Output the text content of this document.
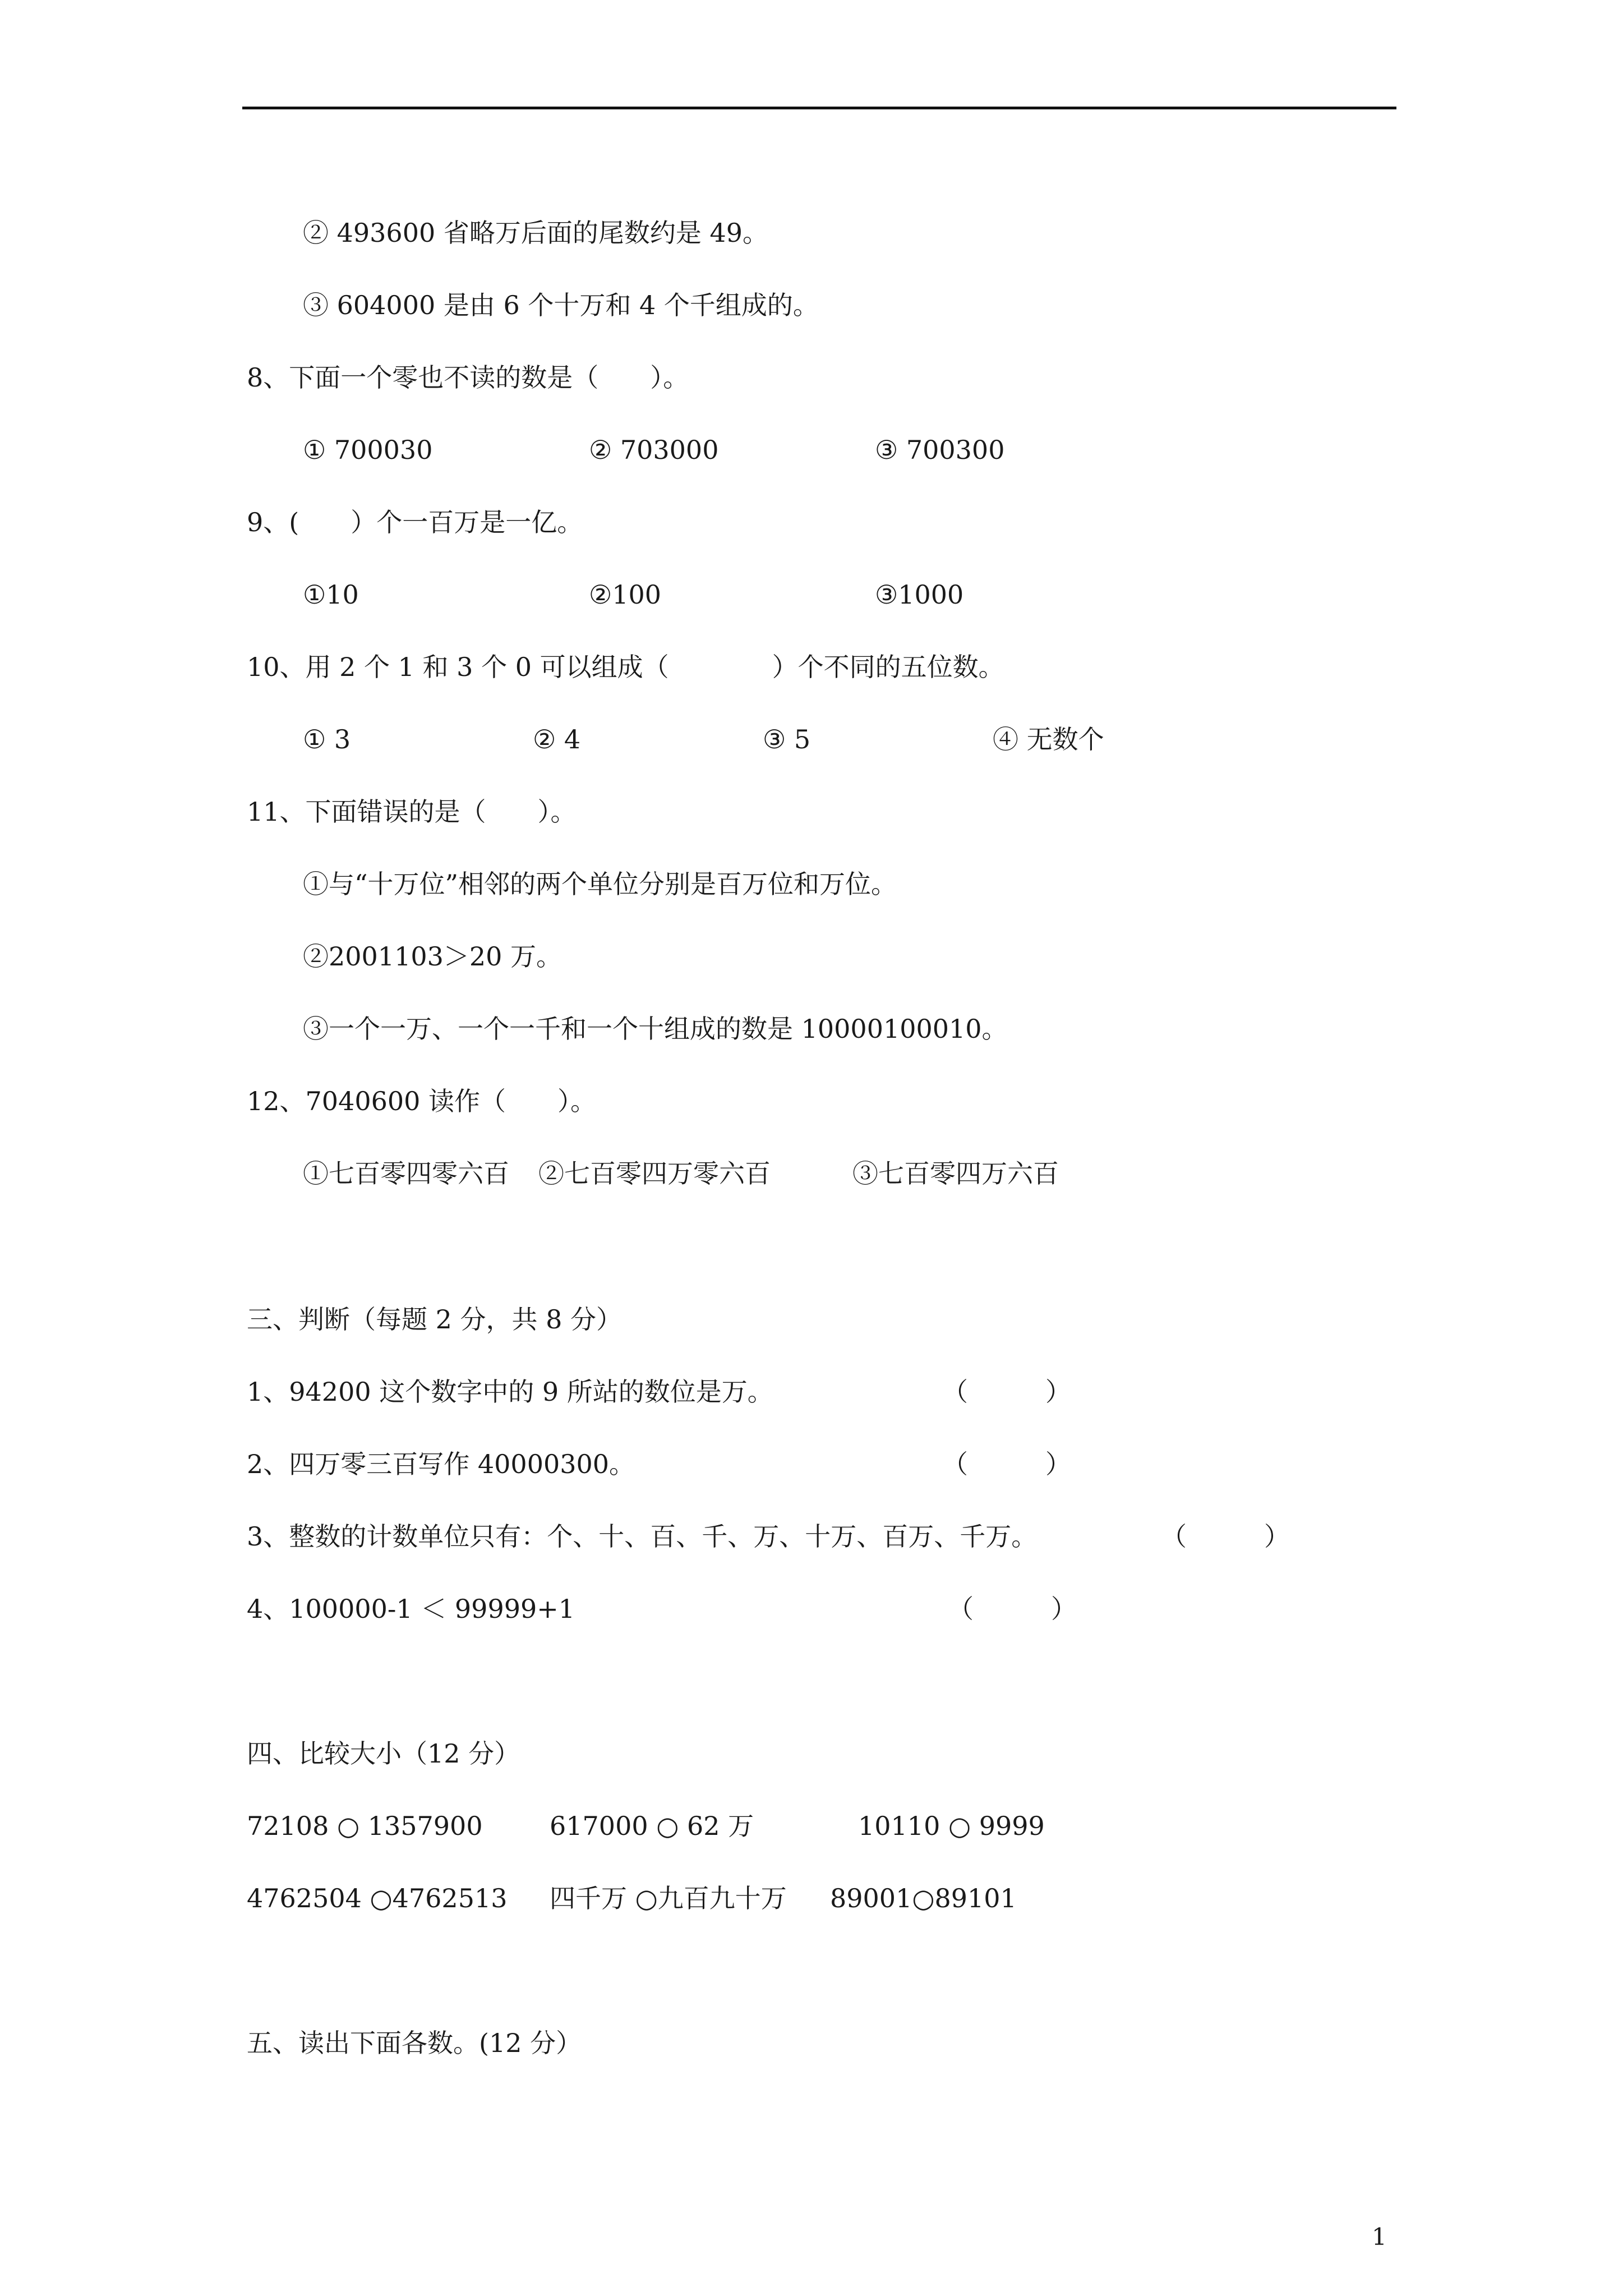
② 493600 省略万后面的尾数约是 49。
③ 604000 是由 6 个十万和 4 个千组成的。
8、下面一个零也不读的数是（　　）。
① 700030	② 703000	③ 700300
9、(　　）个一百万是一亿。
①10	②100	③1000
10、用 2 个 1 和 3 个 0 可以组成（　　　　）个不同的五位数。
① 3	② 4	③ 5	④ 无数个
11、下面错误的是（　　）。
①与“十万位”相邻的两个单位分别是百万位和万位。
②2001103＞20 万。
③一个一万、一个一千和一个十组成的数是 10000100010。
12、7040600 读作（　　）。
①七百零四零六百 ②七百零四万零六百	③七百零四万六百
三、判断（每题 2 分，共 8 分）
1、94200 这个数字中的 9 所站的数位是万。	（　　　）
2、四万零三百写作 40000300。	（　　　）
3、整数的计数单位只有：个、十、百、千、万、十万、百万、千万。	（　　　）
4、100000-1 ＜ 99999+1	（　　　）
四、比较大小（12 分）
72108 ○ 1357900	617000 ○ 62 万	10110 ○ 9999
4762504 ○4762513 四千万 ○九百九十万 89001○89101
五、读出下面各数。(12 分）
1
